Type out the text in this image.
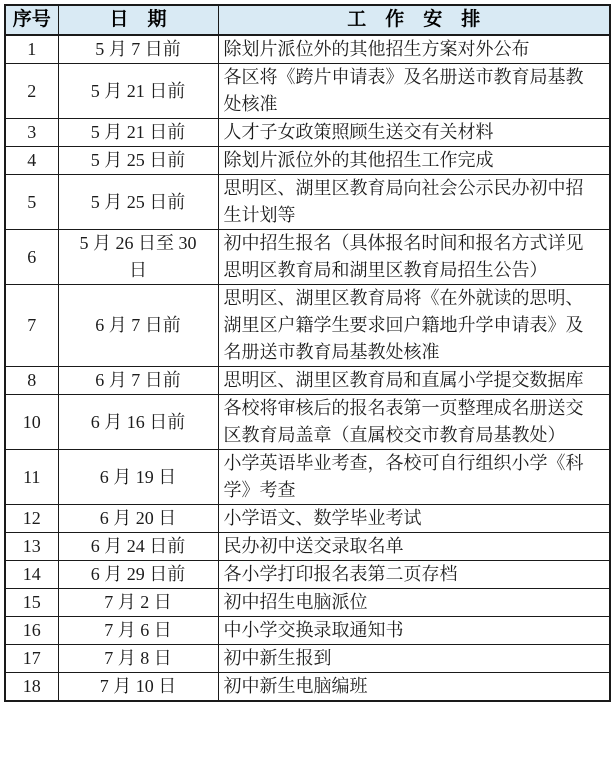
序号	日　期	工　作　安　排
1	5 月 7 日前	除划片派位外的其他招生方案对外公布
2	5 月 21 日前	各区将《跨片申请表》及名册送市教育局基教处核准
3	5 月 21 日前	人才子女政策照顾生送交有关材料
4	5 月 25 日前	除划片派位外的其他招生工作完成
5	5 月 25 日前	思明区、湖里区教育局向社会公示民办初中招生计划等
6	5 月 26 日至 30 日	初中招生报名（具体报名时间和报名方式详见思明区教育局和湖里区教育局招生公告）
7	6 月 7 日前	思明区、湖里区教育局将《在外就读的思明、湖里区户籍学生要求回户籍地升学申请表》及名册送市教育局基教处核准
8	6 月 7 日前	思明区、湖里区教育局和直属小学提交数据库
10	6 月 16 日前	各校将审核后的报名表第一页整理成名册送交区教育局盖章（直属校交市教育局基教处）
11	6 月 19 日	小学英语毕业考查，各校可自行组织小学《科学》考查
12	6 月 20 日	小学语文、数学毕业考试
13	6 月 24 日前	民办初中送交录取名单
14	6 月 29 日前	各小学打印报名表第二页存档
15	7 月 2 日	初中招生电脑派位
16	7 月 6 日	中小学交换录取通知书
17	7 月 8 日	初中新生报到
18	7 月 10 日	初中新生电脑编班
